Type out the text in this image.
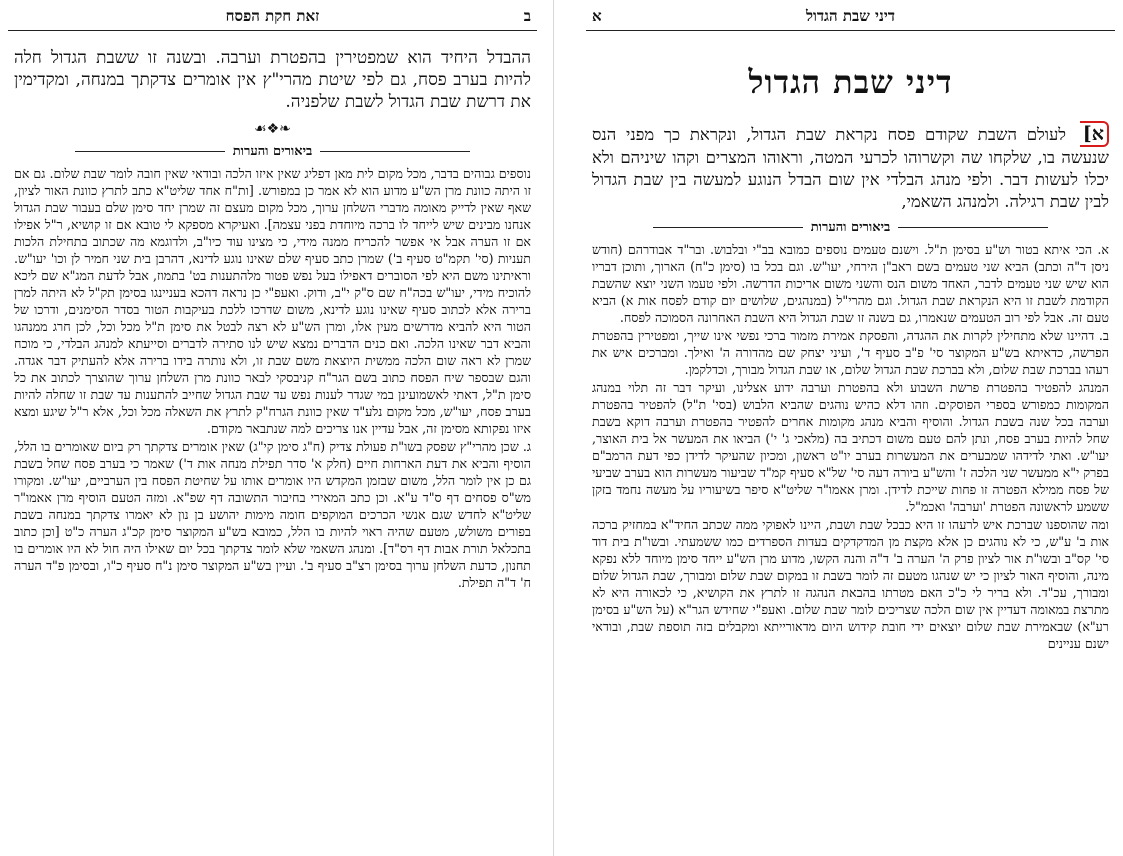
דיני שבת הגדול
א
דיני שבת הגדול
א] לעולם השבת שקודם פסח נקראת שבת הגדול, ונקראת כך מפני הנס שנעשה בו, שלקחו שה וקשרוהו לכרעי המטה, וראוהו המצרים וקהו שיניהם ולא יכלו לעשות דבר. ולפי מנהג הבלדי אין שום הבדל הנוגע למעשה בין שבת הגדול לבין שבת רגילה. ולמנהג השאמי,
ביאורים והערות

א. הכי איתא בטור וש"ע בסימן ת"ל. וישנם טעמים נוספים כמובא בב"י ובלבוש. ובר"ד אבודרהם (חודש ניסן ד"ה וכתב) הביא שני טעמים בשם ראב"ן הירחי, יעו"ש. וגם בכל בו (סימן כ"ח) הארוך, ותוכן דבריו הוא שיש שני טעמים לדבר, האחד משום הנס והשני משום אריכות הדרשה. ולפי טעמו השני יוצא שהשבת הקודמת לשבת זו היא הנקראת שבת הגדול. וגם מהרי"ל (במנהגים, שלושים יום קודם לפסח אות א) הביא טעם זה. אבל לפי רוב הטעמים שנאמרו, גם בשנה זו שבת הגדול היא השבת האחרונה הסמוכה לפסח.

ב. דהיינו שלא מתחילין לקרות את ההגדה, והפסקת אמירת מזמור ברכי נפשי אינו שייך, ומפטירין בהפטרת הפרשה, כדאיתא בש"ע המקוצר סי' פ"ב סעיף ד', ועיני יצחק שם מהדורה ה' ואילך. ומברכים איש את רעהו בברכת שבת שלום, ולא בברכת שבת הגדול שלום, או שבת הגדול מבורך, וכדלקמן.

המנהג להפטיר בהפטרת פרשת השבוע ולא בהפטרת וערבה ידוע אצלינו, ועיקר דבר זה תלוי במנהג המקומות כמפורש בספרי הפוסקים. וזהו דלא כהיש נוהגים שהביא הלבוש (בסי' ת"ל) להפטיר בהפטרת וערבה בכל שנה בשבת הגדול. והוסיף והביא מנהג מקומות אחרים להפטיר בהפטרת וערבה דוקא בשבת שחל להיות בערב פסח, ונתן להם טעם משום דכתיב בה (מלאכי ג' י') הביאו את המעשר אל בית האוצר, יעו"ש. ואתי לדידהו שמבערים את המעשרות בערב יו"ט ראשון, ומכיון שהעיקר לדידן כפי דעת הרמב"ם בפרק י"א ממעשר שני הלכה ז' והש"ע ביורה דעה סי' של"א סעיף קמ"ד שביעור מעשרות הוא בערב שביעי של פסח ממילא הפטרה זו פחות שייכת לדידן. ומרן אאמו"ר שליט"א סיפר בשיעוריו על מעשה נחמד בזקן ששמע לראשונה הפטרת 'וערבה' ואכמ"ל.

ומה שהוספנו שברכת איש לרעהו זו היא כבכל שבת ושבת, היינו לאפוקי ממה שכתב החיד"א במחזיק ברכה אות ב' ע"ש, כי לא נוהגים כן אלא מקצת מן המדקדקים בעדות הספרדים כמו ששמעתי. ובשו"ת בית דוד סי' קס"ב ובשו"ת אור לציון פרק ה' הערה ב' ד"ה והנה הקשו, מדוע מרן הש"ע ייחד סימן מיוחד ללא נפקא מינה, והוסיף האור לציון כי יש שנהגו מטעם זה לומר בשבת זו במקום שבת שלום ומבורך, שבת הגדול שלום ומבורך, עכ"ד. ולא בריר לי כ"כ האם מטרתו בהבאת הנהגה זו לתרץ את הקושיא, כי לכאורה היא לא מתרצת במאומה דעדיין אין שום הלכה שצריכים לומר שבת שלום. ואעפ"י שחידש הגר"א (על הש"ע בסימן רע"א) שבאמירת שבת שלום יוצאים ידי חובת קידוש היום מדאורייתא ומקבלים בזה תוספת שבת, ובודאי ישנם עניינים

זאת חקת הפסח	ב
ההבדל היחיד הוא שמפטירין בהפטרת וערבה. ובשנה זו ששבת הגדול חלה להיות בערב פסח, גם לפי שיטת מהרי"ץ אין אומרים צדקתך במנחה, ומקדימין את דרשת שבת הגדול לשבת שלפניה.
❧❖☙
ביאורים והערות

נוספים גבוהים בדבר, מכל מקום לית מאן דפליג שאין איזו הלכה ובודאי שאין חובה לומר שבת שלום. גם אם זו היתה כוונת מרן הש"ע מדוע הוא לא אמר כן במפורש. [ות"ח אחד שליט"א כתב לתרץ כוונת האור לציון, שאף שאין לדייק מאומה מדברי השלחן ערוך, מכל מקום מעצם זה שמרן יחד סימן שלם בעבור שבת הגדול אנחנו מבינים שיש לייחד לו ברכה מיוחדת בפני עצמה]. ואעיקרא מספקא לי טובא אם זו קושיא, ר"ל אפילו אם זו הערה אבל אי אפשר להכריח ממנה מידי, כי מצינו עוד כיו"ב, ולדוגמא מה שכתוב בתחילת הלכות תעניות (סי' תקמ"ט סעיף ב') שמרן כתב סעיף שלם שאינו נוגע לדינא, דהרבן בית שני חמיר לן וכו' יעו"ש. וראיתינו משם היא לפי הסוברים דאפילו בעל נפש פטור מלהתענות בט' בתמוז, אבל לדעת המג"א שם ליכא להוכיח מידי, יעו"ש בכה"ח שם ס"ק י"ב, ודוק. ואעפ"י כן נראה דהכא בעניינגו בסימן תק"ל לא היתה למרן ברירה אלא לכתוב סעיף שאינו נוגע לדינא, משום שדרכו ללכת בעיקבות הטור בסדר הסימנים, ודרכו של הטור היא להביא מדרשים מעין אלו, ומרן הש"ע לא רצה לבטל את סימן ת"ל מכל וכל, לכן חרג ממנהגו והביא דבר שאינו הלכה. ואם כנים הדברים נמצא שיש לנו סתירה לדברים וסייעתא למנהג הבלדי, כי מוכח שמרן לא ראה שום הלכה ממשית היוצאת משם שבת זו, ולא נותרה בידו ברירה אלא להעתיק דבר אגדה. והגם שבספר שיח הפסח כתוב בשם הגר"ח קניבסקי לבאר כוונת מרן השלחן ערוך שהוצרך לכתוב את כל סימן ת"ל, דאתי לאשמועינן במי שגדר לענות נפש עד שבת הגדול שחייב להתענות עד שבת זו שחלה להיות בערב פסח, יעו"ש, מכל מקום נלע"ד שאין כוונת הגרח"ק לתרץ את השאלה מכל וכל, אלא ר"ל שיגע ומצא איזו נפקותא מסימן זה, אבל עדיין אנו צריכים למה שנתבאר מקודם.

ג. שכן מהרי"ץ שפסק בשו"ת פעולת צדיק (ח"ג סימן קי"ג) שאין אומרים צדקתך רק ביום שאומרים בו הלל, הוסיף והביא את דעת הארחות חיים (חלק א' סדר תפילת מנחה אות ד') שאמר כי בערב פסח שחל בשבת גם כן אין לומר הלל, משום שבזמן המקדש היו אומרים אותו על שחיטת הפסח בין הערביים, יעו"ש. ומקורו מש"ס פסחים דף ס"ד ע"א. וכן כתב המאירי בחיבור התשובה דף שפ"א. ומזה הטעם הוסיף מרן אאמו"ר שליט"א לחדש שגם אנשי הכרכים המוקפים חומה מימות יהושע בן נון לא יאמרו צדקתך במנחה בשבת בפורים משולש, מטעם שהיה ראוי להיות בו הלל, כמובא בש"ע המקוצר סימן קכ"ג הערה כ"ט [וכן כתוב בתכלאל תורת אבות דף רס"ד]. ומנהג השאמי שלא לומר צדקתך בכל יום שאילו היה חול לא היו אומרים בו תחנון, כדעת השלחן ערוך בסימן רצ"ב סעיף ב'. ועיין בש"ע המקוצר סימן נ"ח סעיף כ"ו, ובסימן פ"ד הערה ח' ד"ה תפילת.
